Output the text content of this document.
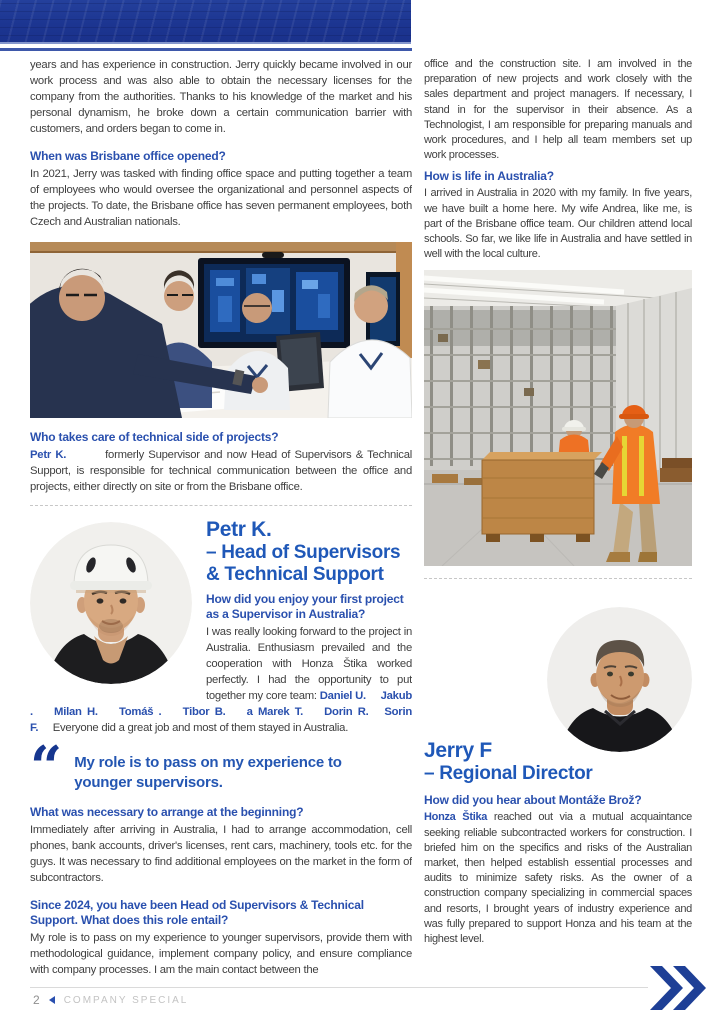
years and has experience in construction. Jerry quickly became involved in our work process and was also able to obtain the necessary licenses for the company from the authorities. Thanks to his knowledge of the market and his personal dynamism, he broke down a certain communication barrier with customers, and orders began to come in.

When was Brisbane office opened?

In 2021, Jerry was tasked with finding office space and putting together a team of employees who would oversee the organizational and personnel aspects of the projects. To date, the Brisbane office has seven permanent employees, both Czech and Australian nationals.

Who takes care of technical side of projects?

Petr K.         formerly Supervisor and now Head of Supervisors & Technical Support, is responsible for technical communication between the office and projects, either directly on site or from the Brisbane office.

Petr K.
– Head of Supervisors
& Technical Support
How did you enjoy your first project as a Supervisor in Australia?

I was really looking forward to the project in Australia. Enthusiasm prevailed and the cooperation with Honza Štika worked perfectly. I had the opportunity to put together my core team: Daniel U.     Jakub .    Milan H.    Tomáš .    Tibor B.    a Marek T.    Dorin R.   Sorin F.     Everyone did a great job and most of them stayed in Australia.

“ My role is to pass on my experience to younger supervisors.
What was necessary to arrange at the beginning?

Immediately after arriving in Australia, I had to arrange accommodation, cell phones, bank accounts, driver's licenses, rent cars, machinery, tools etc. for the guys. It was necessary to find additional employees on the market in the form of subcontractors.

Since 2024, you have been Head od Supervisors & Technical Support. What does this role entail?

My role is to pass on my experience to younger supervisors, provide them with methodological guidance, implement company policy, and ensure compliance with company processes. I am the main contact between the

office and the construction site. I am involved in the preparation of new projects and work closely with the sales department and project managers. If necessary, I stand in for the supervisor in their absence. As a Technologist, I am responsible for preparing manuals and work procedures, and I help all team members set up work processes.

How is life in Australia?

I arrived in Australia in 2020 with my family. In five years, we have built a home here. My wife Andrea, like me, is part of the Brisbane office team. Our children attend local schools. So far, we like life in Australia and have settled in well with the local culture.

Jerry F
– Regional Director
How did you hear about Montáže Brož?

Honza Štika reached out via a mutual acquaintance seeking reliable subcontracted workers for construction. I briefed him on the specifics and risks of the Australian market, then helped establish essential processes and audits to minimize safety risks. As the owner of a construction company specializing in commercial spaces and resorts, I brought years of industry experience and was fully prepared to support Honza and his team at the highest level.

2 COMPANY SPECIAL
